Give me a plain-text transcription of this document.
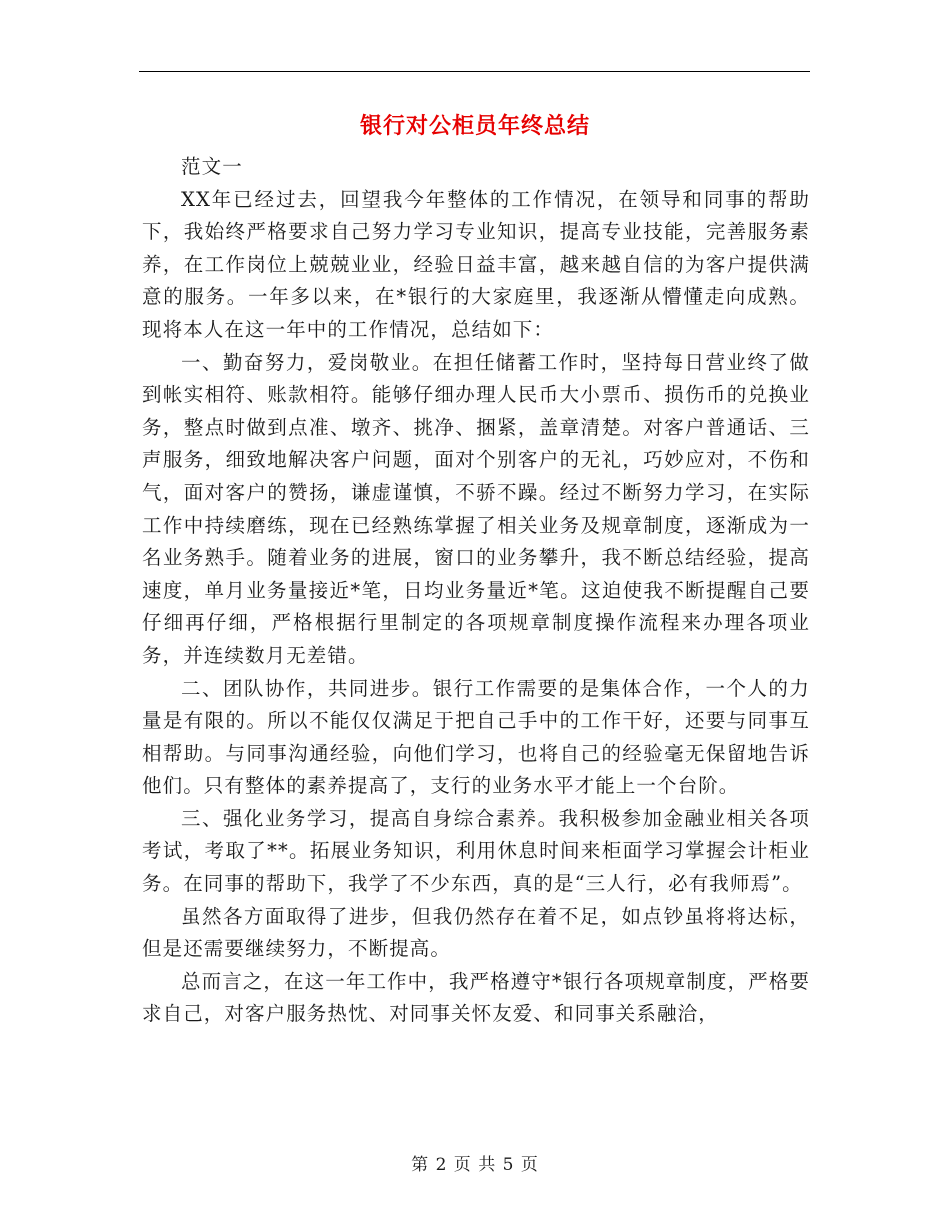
银行对公柜员年终总结

范文一

XX年已经过去，回望我今年整体的工作情况，在领导和同事的帮助下，我始终严格要求自己努力学习专业知识，提高专业技能，完善服务素养，在工作岗位上兢兢业业，经验日益丰富，越来越自信的为客户提供满意的服务。一年多以来，在*银行的大家庭里，我逐渐从懵懂走向成熟。现将本人在这一年中的工作情况，总结如下：

一、勤奋努力，爱岗敬业。在担任储蓄工作时，坚持每日营业终了做到帐实相符、账款相符。能够仔细办理人民币大小票币、损伤币的兑换业务，整点时做到点准、墩齐、挑净、捆紧，盖章清楚。对客户普通话、三声服务，细致地解决客户问题，面对个别客户的无礼，巧妙应对，不伤和气，面对客户的赞扬，谦虚谨慎，不骄不躁。经过不断努力学习，在实际工作中持续磨练，现在已经熟练掌握了相关业务及规章制度，逐渐成为一名业务熟手。随着业务的进展，窗口的业务攀升，我不断总结经验，提高速度，单月业务量接近*笔，日均业务量近*笔。这迫使我不断提醒自己要仔细再仔细，严格根据行里制定的各项规章制度操作流程来办理各项业务，并连续数月无差错。

二、团队协作，共同进步。银行工作需要的是集体合作，一个人的力量是有限的。所以不能仅仅满足于把自己手中的工作干好，还要与同事互相帮助。与同事沟通经验，向他们学习，也将自己的经验毫无保留地告诉他们。只有整体的素养提高了，支行的业务水平才能上一个台阶。

三、强化业务学习，提高自身综合素养。我积极参加金融业相关各项考试，考取了**。拓展业务知识，利用休息时间来柜面学习掌握会计柜业务。在同事的帮助下，我学了不少东西，真的是“三人行，必有我师焉”。

虽然各方面取得了进步，但我仍然存在着不足，如点钞虽将将达标，但是还需要继续努力，不断提高。

总而言之，在这一年工作中，我严格遵守*银行各项规章制度，严格要求自己，对客户服务热忱、对同事关怀友爱、和同事关系融洽，

第 2 页 共 5 页
